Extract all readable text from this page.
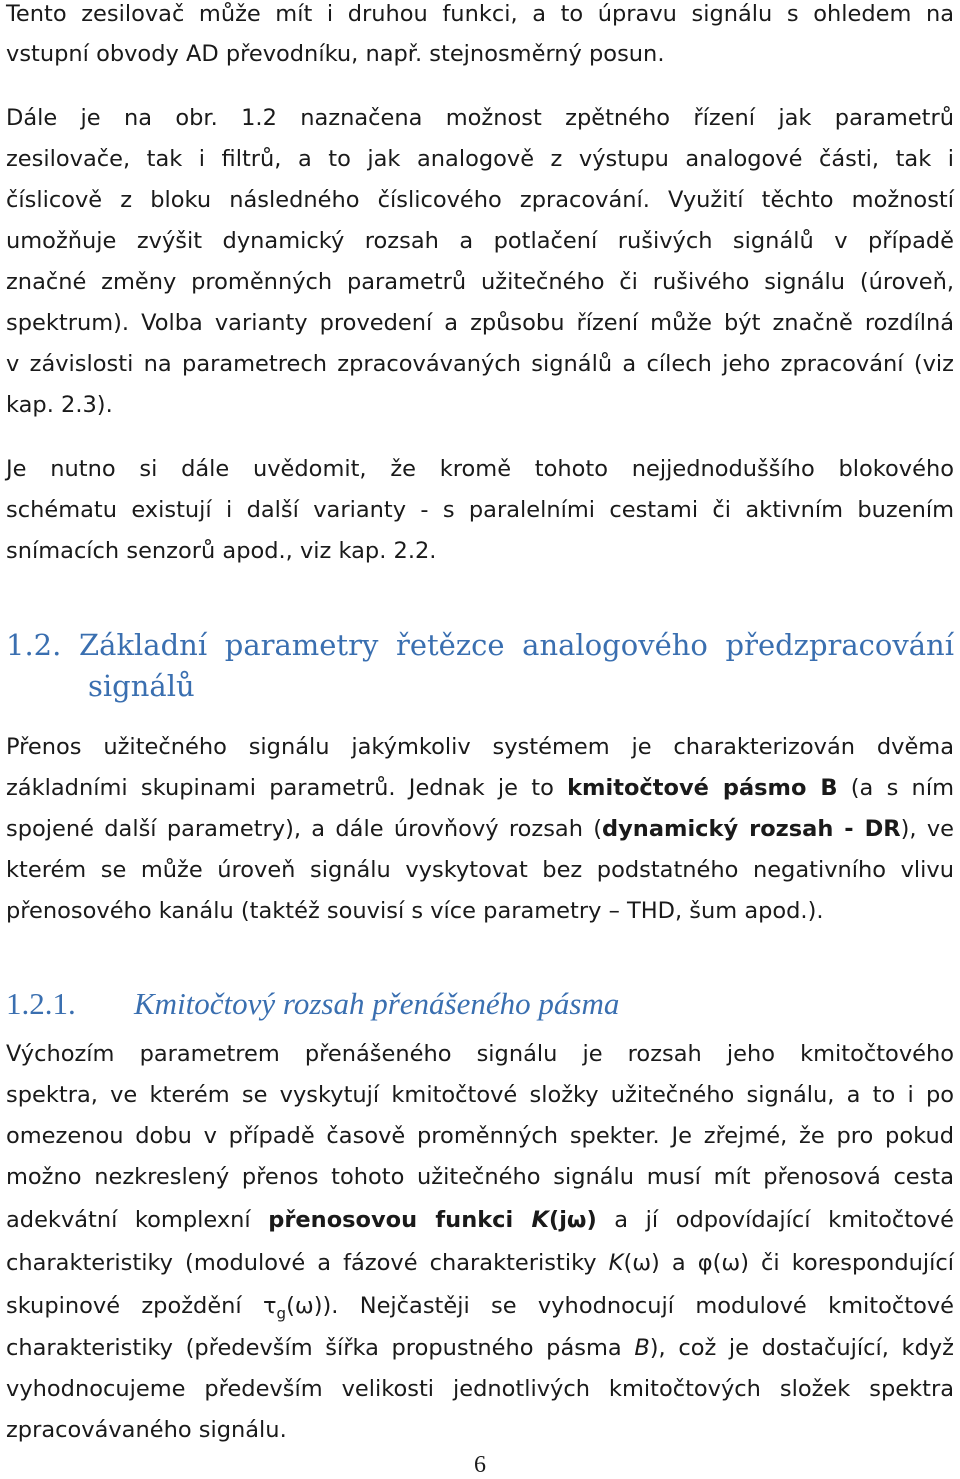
Tento zesilovač může mít i druhou funkci, a to úpravu signálu s ohledem na
vstupní obvody AD převodníku, např. stejnosměrný posun.
Dále je na obr. 1.2 naznačena možnost zpětného řízení jak parametrů
zesilovače, tak i filtrů, a to jak analogově z výstupu analogové části, tak i
číslicově z bloku následného číslicového zpracování. Využití těchto možností
umožňuje zvýšit dynamický rozsah a potlačení rušivých signálů v případě
značné změny proměnných parametrů užitečného či rušivého signálu (úroveň,
spektrum). Volba varianty provedení a způsobu řízení může být značně rozdílná
v závislosti na parametrech zpracovávaných signálů a cílech jeho zpracování (viz
kap. 2.3).
Je nutno si dále uvědomit, že kromě tohoto nejjednoduššího blokového
schématu existují i další varianty - s paralelními cestami či aktivním buzením
snímacích senzorů apod., viz kap. 2.2.
1.2. Základní parametry řetězce analogového předzpracování
signálů
Přenos užitečného signálu jakýmkoliv systémem je charakterizován dvěma
základními skupinami parametrů. Jednak je to kmitočtové pásmo B (a s ním
spojené další parametry), a dále úrovňový rozsah (dynamický rozsah - DR), ve
kterém se může úroveň signálu vyskytovat bez podstatného negativního vlivu
přenosového kanálu (taktéž souvisí s více parametry – THD, šum apod.).
1.2.1. Kmitočtový rozsah přenášeného pásma
Výchozím parametrem přenášeného signálu je rozsah jeho kmitočtového
spektra, ve kterém se vyskytují kmitočtové složky užitečného signálu, a to i po
omezenou dobu v případě časově proměnných spekter. Je zřejmé, že pro pokud
možno nezkreslený přenos tohoto užitečného signálu musí mít přenosová cesta
adekvátní komplexní přenosovou funkci K(jω) a jí odpovídající kmitočtové
charakteristiky (modulové a fázové charakteristiky K(ω) a φ(ω) či korespondující
skupinové zpoždění $\tau_g(\omega)$). Nejčastěji se vyhodnocují modulové kmitočtové
charakteristiky (především šířka propustného pásma B), což je dostačující, když
vyhodnocujeme především velikosti jednotlivých kmitočtových složek spektra
zpracovávaného signálu.
6
